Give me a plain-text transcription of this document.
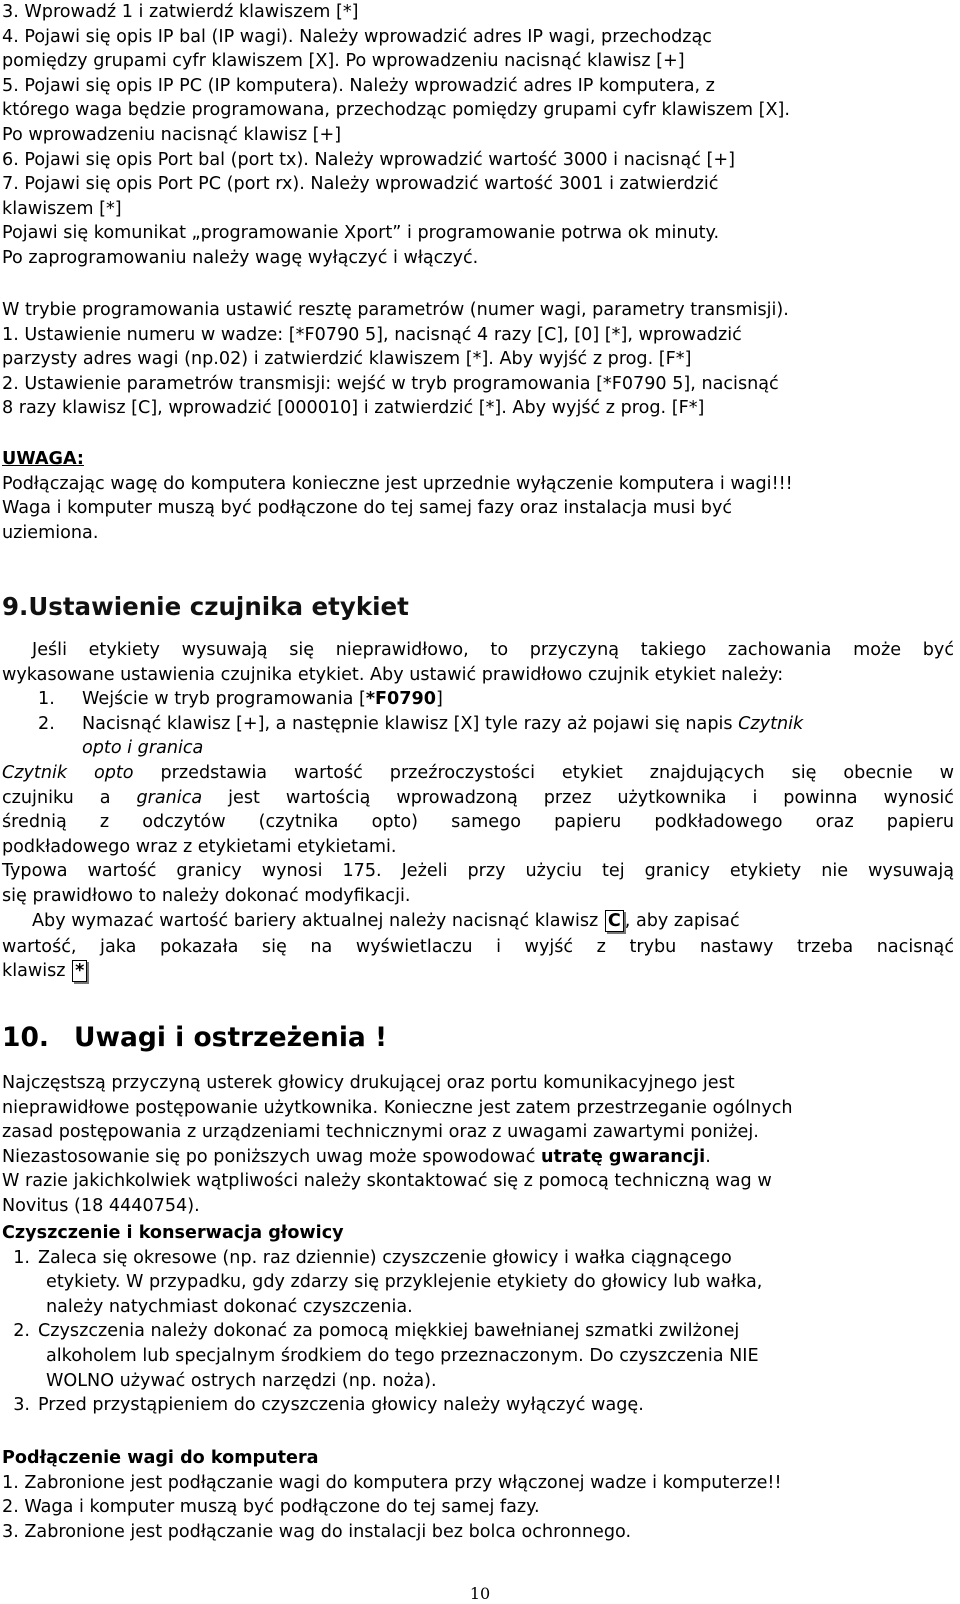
3. Wprowadź 1 i zatwierdź klawiszem [*]
4. Pojawi się opis IP bal (IP wagi). Należy wprowadzić adres IP wagi, przechodząc
pomiędzy grupami cyfr klawiszem [X]. Po wprowadzeniu nacisnąć klawisz [+]
5. Pojawi się opis IP PC (IP komputera). Należy wprowadzić adres IP komputera, z
którego waga będzie programowana, przechodząc pomiędzy grupami cyfr klawiszem [X].
Po wprowadzeniu nacisnąć klawisz [+]
6. Pojawi się opis Port bal (port tx). Należy wprowadzić wartość 3000 i nacisnąć [+]
7. Pojawi się opis Port PC (port rx). Należy wprowadzić wartość 3001 i zatwierdzić
klawiszem [*]
Pojawi się komunikat „programowanie Xport” i programowanie potrwa ok minuty.
Po zaprogramowaniu należy wagę wyłączyć i włączyć.
W trybie programowania ustawić resztę parametrów (numer wagi, parametry transmisji).
1. Ustawienie numeru w wadze: [*F0790 5], nacisnąć 4 razy [C], [0] [*], wprowadzić
parzysty adres wagi (np.02) i zatwierdzić klawiszem [*]. Aby wyjść z prog. [F*]
2. Ustawienie parametrów transmisji: wejść w tryb programowania [*F0790 5], nacisnąć
8 razy klawisz [C], wprowadzić [000010] i zatwierdzić [*]. Aby wyjść z prog. [F*]
UWAGA:
Podłączając wagę do komputera konieczne jest uprzednie wyłączenie komputera i wagi!!!
Waga i komputer muszą być podłączone do tej samej fazy oraz instalacja musi być
uziemiona.
9.Ustawienie czujnika etykiet
Jeśli etykiety wysuwają się nieprawidłowo, to przyczyną takiego zachowania może być
wykasowane ustawienia czujnika etykiet. Aby ustawić prawidłowo czujnik etykiet należy:
1. Wejście w tryb programowania [*F0790]
2. Nacisnąć klawisz [+], a następnie klawisz [X] tyle razy aż pojawi się napis Czytnik
opto i granica
Czytnik opto przedstawia wartość przeźroczystości etykiet znajdujących się obecnie w
czujniku a granica jest wartością wprowadzoną przez użytkownika i powinna wynosić
średnią z odczytów (czytnika opto) samego papieru podkładowego oraz papieru
podkładowego wraz z etykietami etykietami.
Typowa wartość granicy wynosi 175. Jeżeli przy użyciu tej granicy etykiety nie wysuwają
się prawidłowo to należy dokonać modyfikacji.
Aby wymazać wartość bariery aktualnej należy nacisnąć klawisz C , aby zapisać
wartość, jaka pokazała się na wyświetlaczu i wyjść z trybu nastawy trzeba nacisnąć
klawisz *
10. Uwagi i ostrzeżenia !
Najczęstszą przyczyną usterek głowicy drukującej oraz portu komunikacyjnego jest
nieprawidłowe postępowanie użytkownika. Konieczne jest zatem przestrzeganie ogólnych
zasad postępowania z urządzeniami technicznymi oraz z uwagami zawartymi poniżej.
Niezastosowanie się po poniższych uwag może spowodować utratę gwarancji.
W razie jakichkolwiek wątpliwości należy skontaktować się z pomocą techniczną wag w
Novitus (18 4440754).
Czyszczenie i konserwacja głowicy
1. Zaleca się okresowe (np. raz dziennie) czyszczenie głowicy i wałka ciągnącego
etykiety. W przypadku, gdy zdarzy się przyklejenie etykiety do głowicy lub wałka,
należy natychmiast dokonać czyszczenia.
2. Czyszczenia należy dokonać za pomocą miękkiej bawełnianej szmatki zwilżonej
alkoholem lub specjalnym środkiem do tego przeznaczonym. Do czyszczenia NIE
WOLNO używać ostrych narzędzi (np. noża).
3. Przed przystąpieniem do czyszczenia głowicy należy wyłączyć wagę.
Podłączenie wagi do komputera
1. Zabronione jest podłączanie wagi do komputera przy włączonej wadze i komputerze!!
2. Waga i komputer muszą być podłączone do tej samej fazy.
3. Zabronione jest podłączanie wag do instalacji bez bolca ochronnego.
10
